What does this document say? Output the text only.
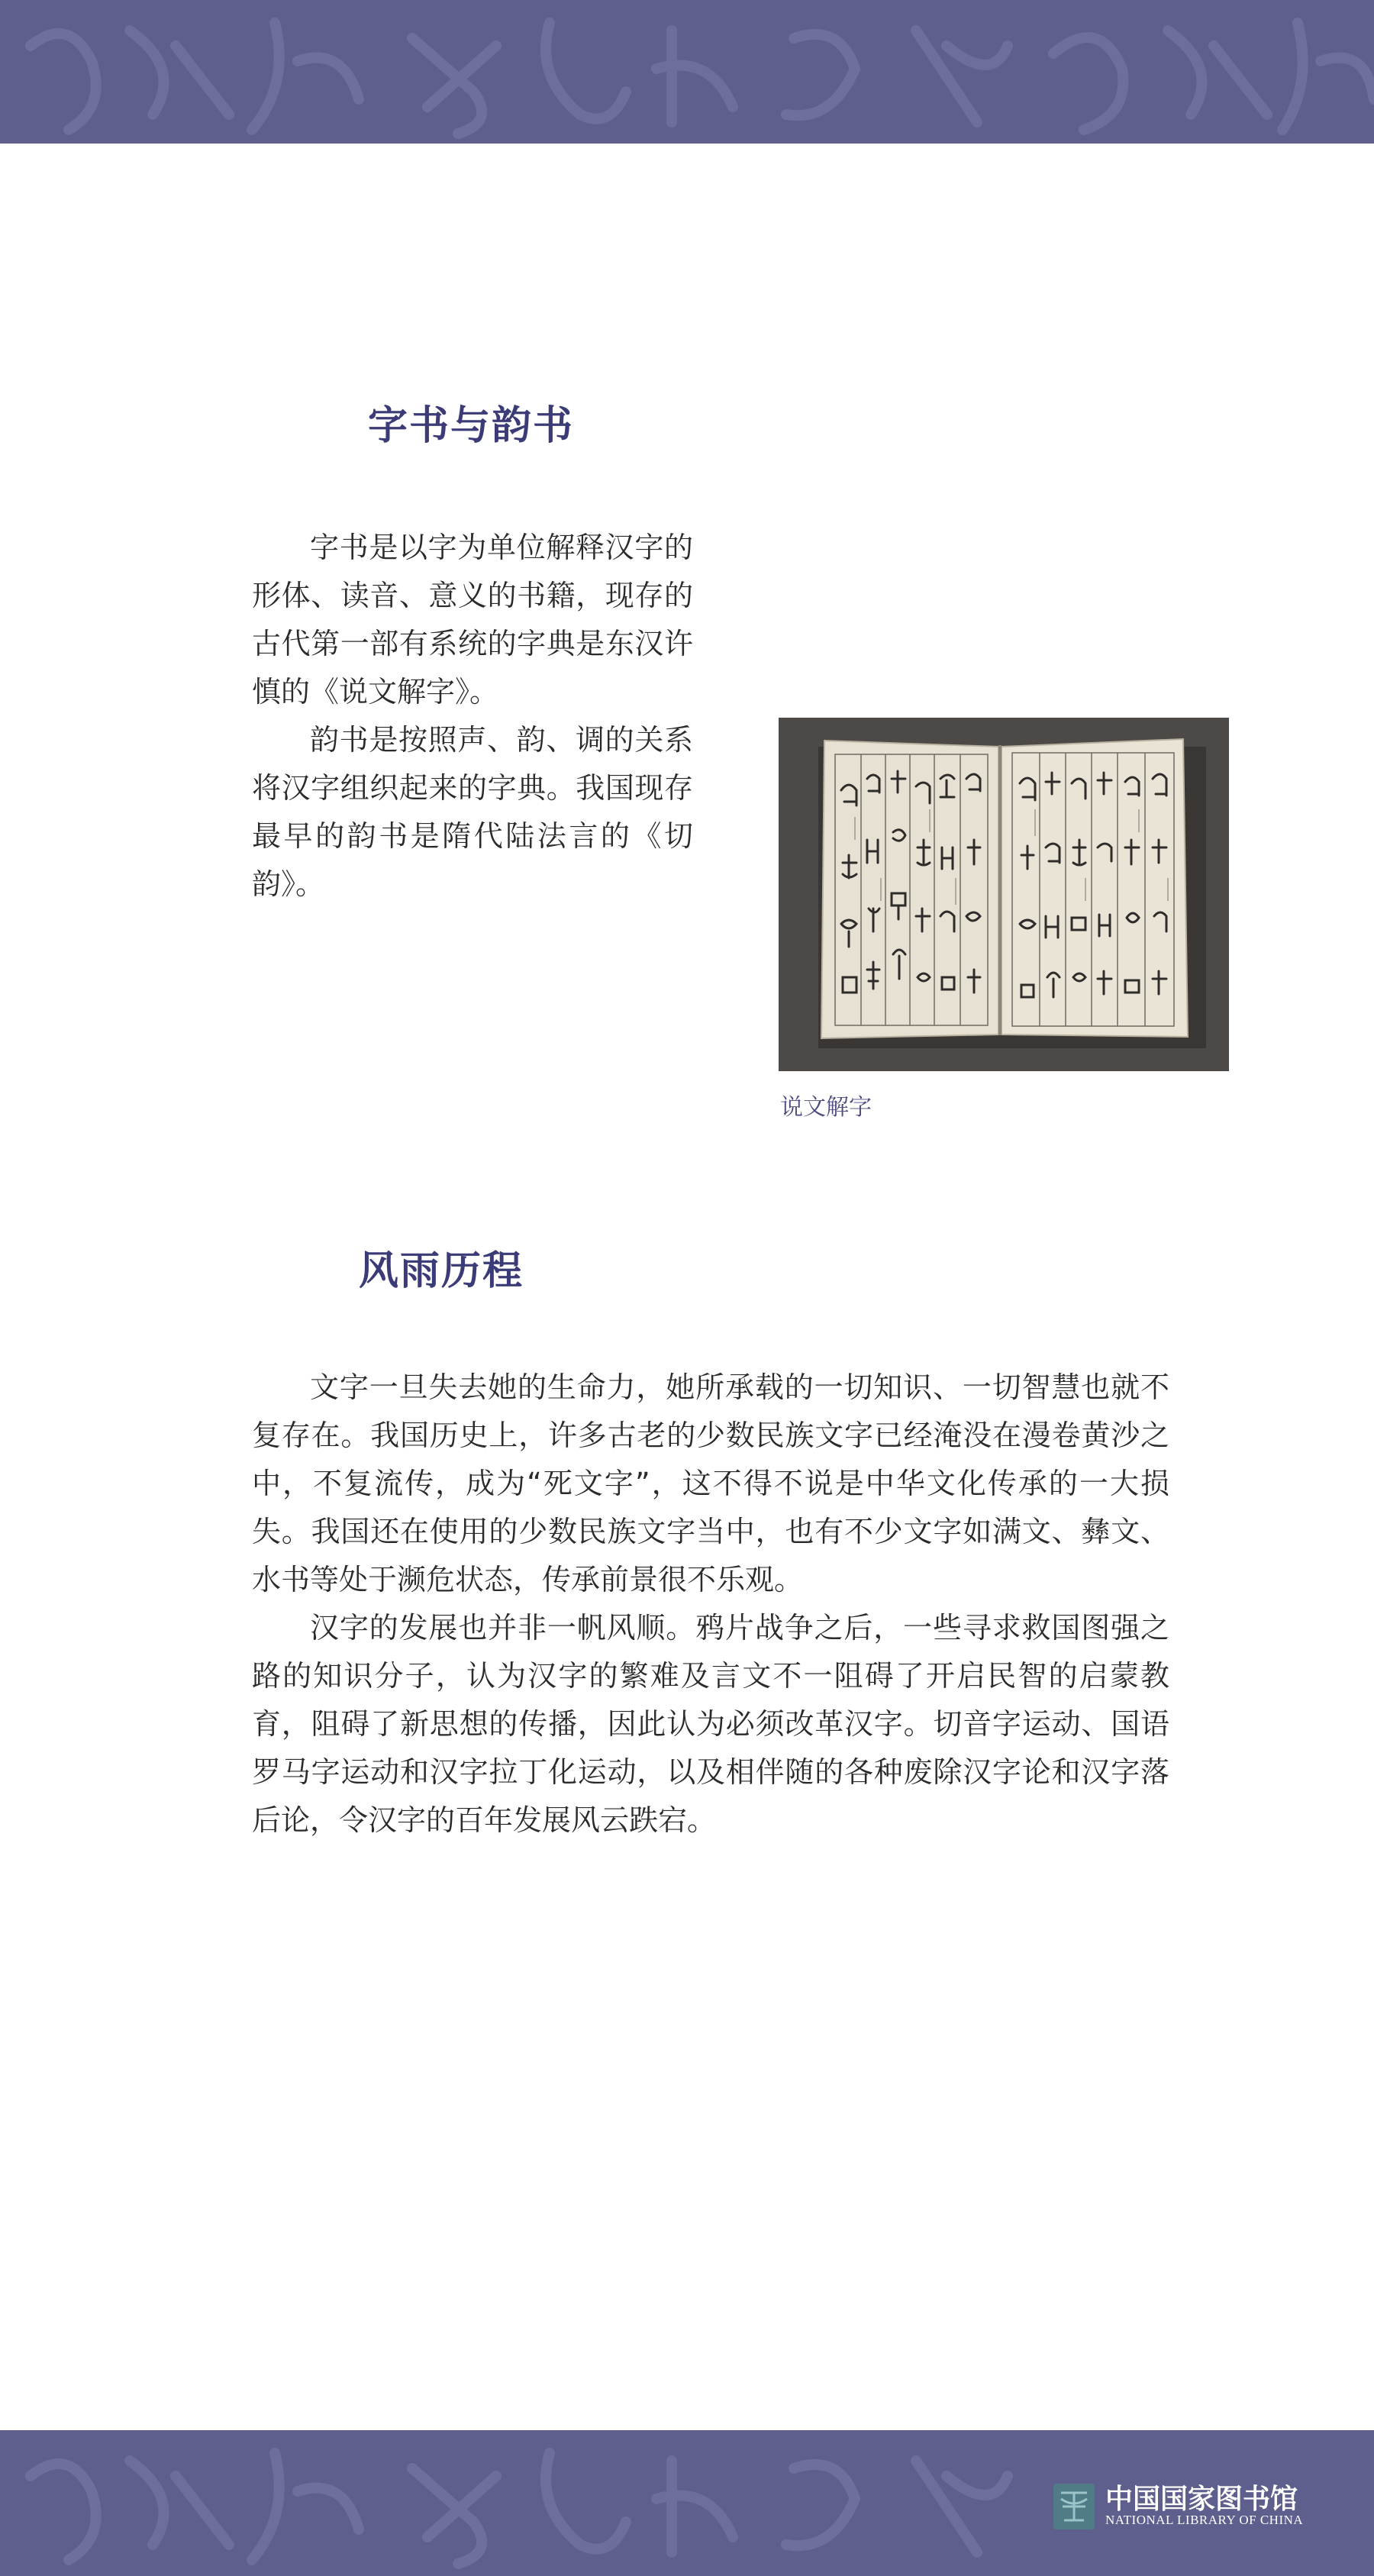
字书与韵书

字书是以字为单位解释汉字的形体、读音、意义的书籍，现存的古代第一部有系统的字典是东汉许慎的《说文解字》。

韵书是按照声、韵、调的关系将汉字组织起来的字典。我国现存最早的韵书是隋代陆法言的《切韵》。

说文解字
风雨历程

文字一旦失去她的生命力，她所承载的一切知识、一切智慧也就不复存在。我国历史上，许多古老的少数民族文字已经淹没在漫卷黄沙之中，不复流传，成为“死文字”，这不得不说是中华文化传承的一大损失。我国还在使用的少数民族文字当中，也有不少文字如满文、彝文、水书等处于濒危状态，传承前景很不乐观。

汉字的发展也并非一帆风顺。鸦片战争之后，一些寻求救国图强之路的知识分子，认为汉字的繁难及言文不一阻碍了开启民智的启蒙教育，阻碍了新思想的传播，因此认为必须改革汉字。切音字运动、国语罗马字运动和汉字拉丁化运动，以及相伴随的各种废除汉字论和汉字落后论，令汉字的百年发展风云跌宕。

中国国家图书馆
NATIONAL LIBRARY OF CHINA
